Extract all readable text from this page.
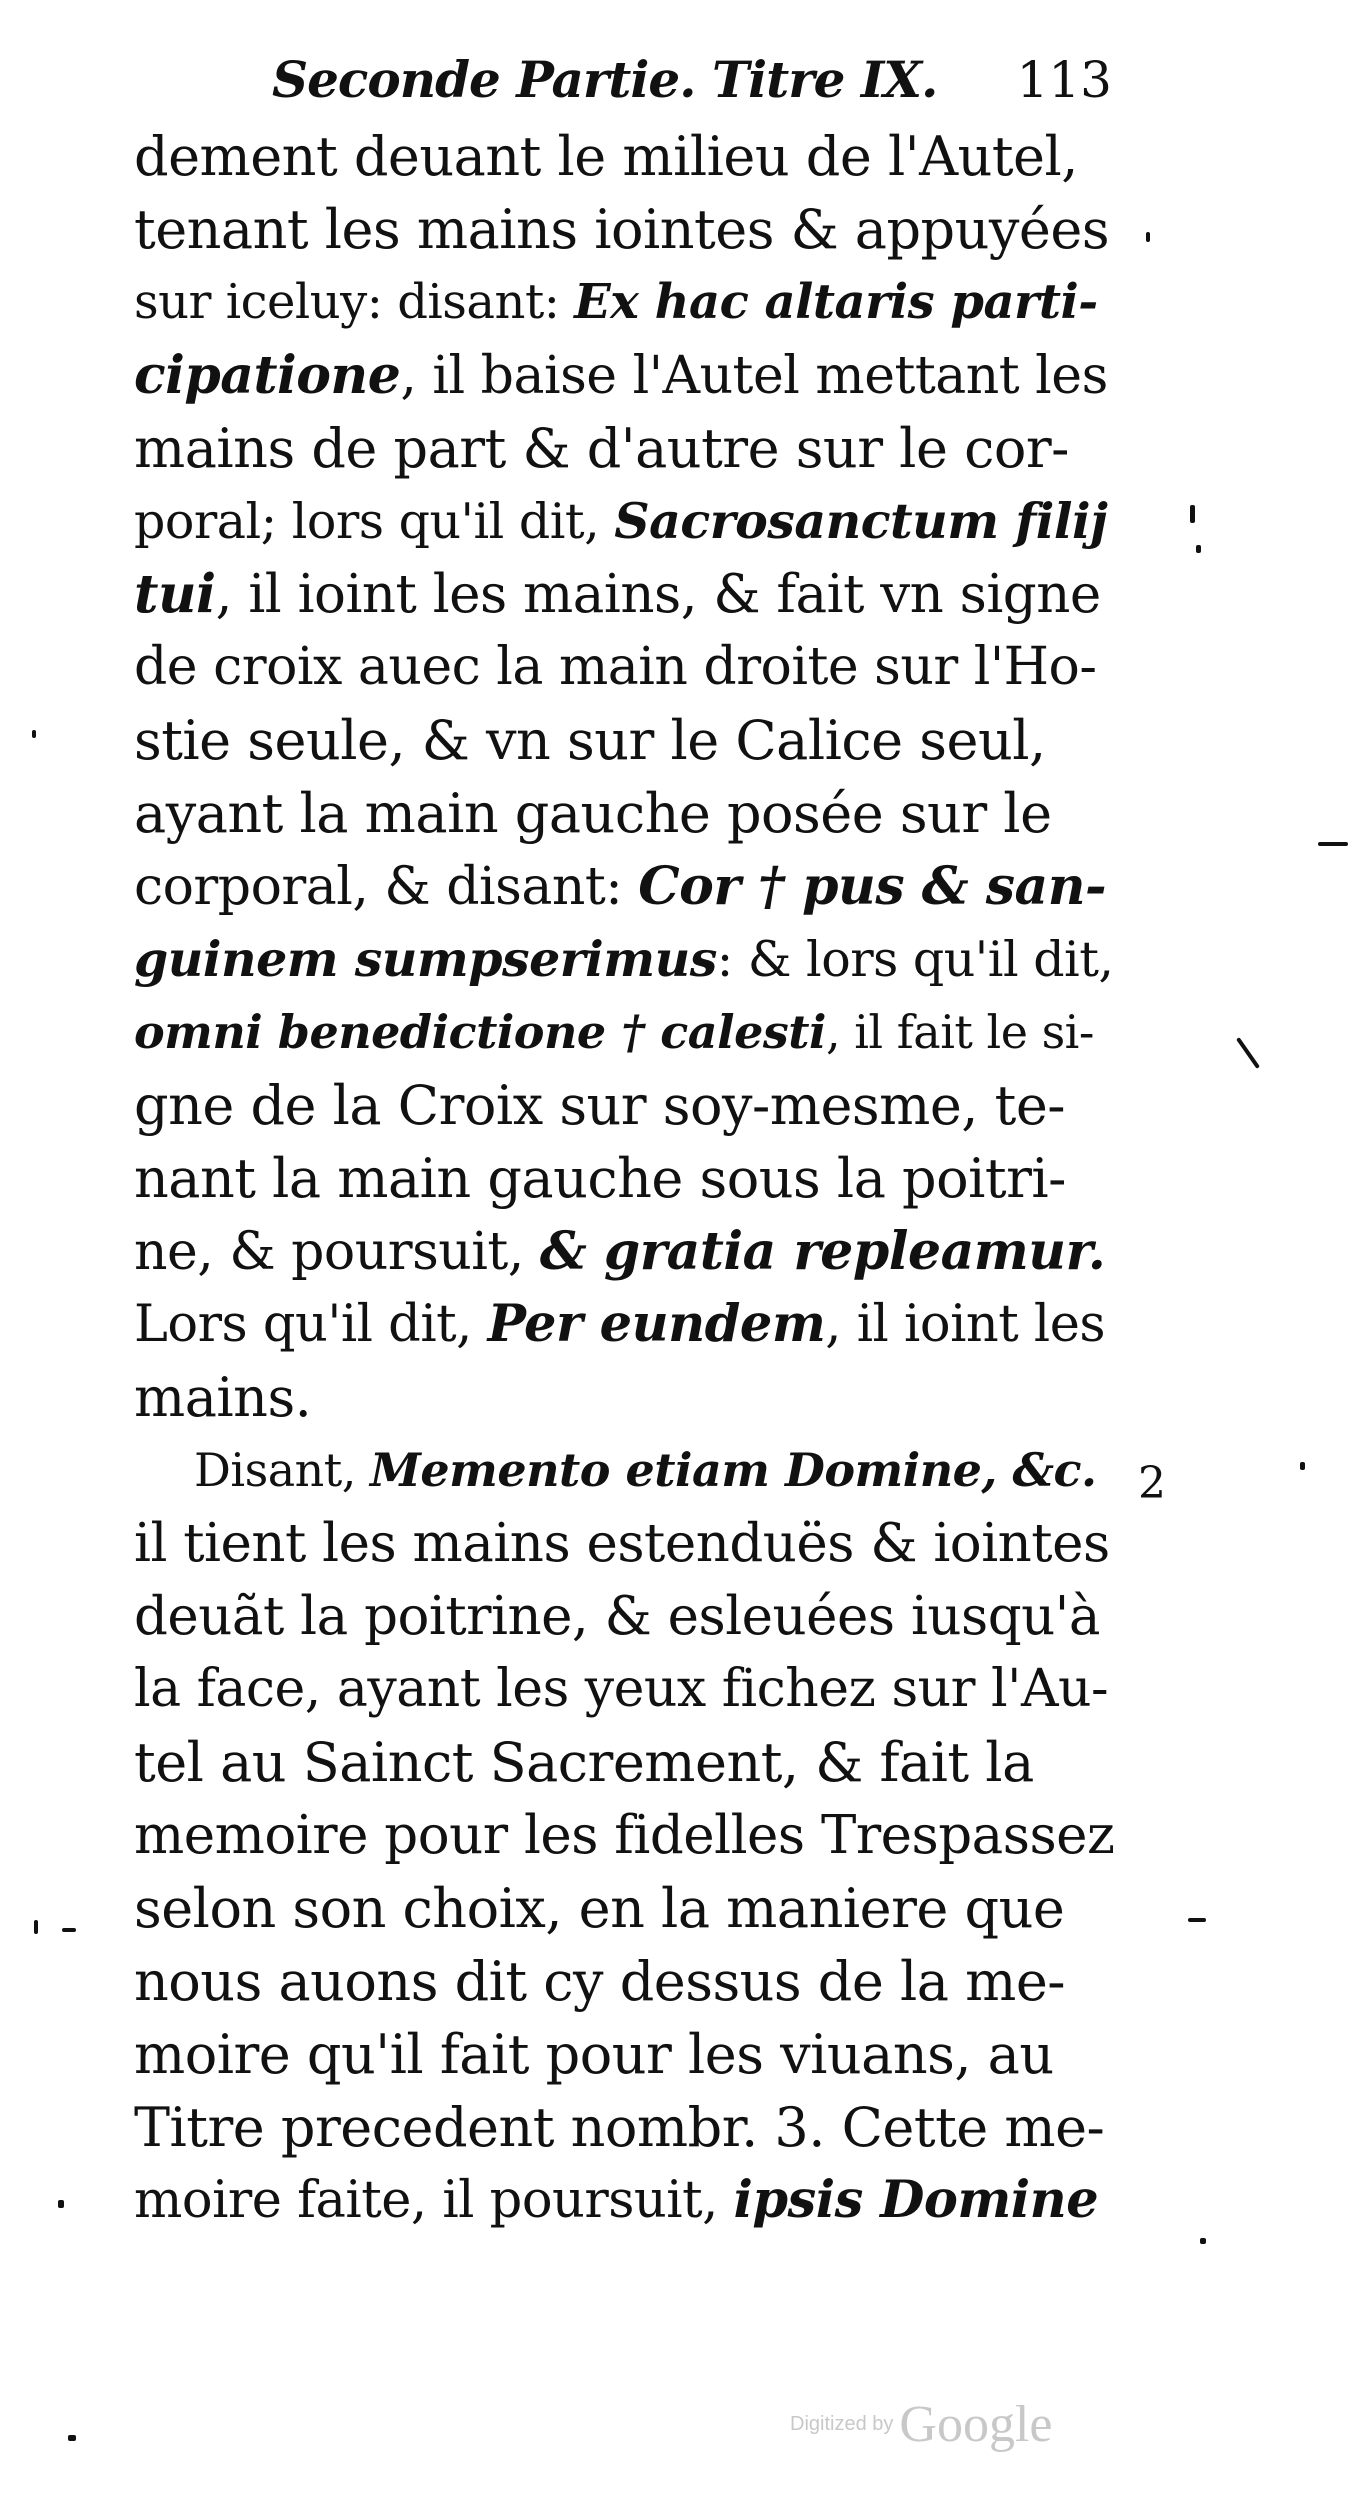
Seconde Partie. Titre IX. 113
dement deuant le milieu de l'Autel,
tenant les mains iointes & appuyées
sur iceluy: disant: Ex hac altaris parti-
cipatione, il baise l'Autel mettant les
mains de part & d'autre sur le cor-
poral; lors qu'il dit, Sacrosanctum filij
tui, il ioint les mains, & fait vn signe
de croix auec la main droite sur l'Ho-
stie seule, & vn sur le Calice seul,
ayant la main gauche posée sur le
corporal, & disant: Cor † pus & san-
guinem sumpserimus: & lors qu'il dit,
omni benedictione † calesti, il fait le si-
gne de la Croix sur soy-mesme, te-
nant la main gauche sous la poitri-
ne, & poursuit, & gratia repleamur.
Lors qu'il dit, Per eundem, il ioint les
mains.
Disant, Memento etiam Domine, &c.
il tient les mains estenduës & iointes
deuãt la poitrine, & esleuées iusqu'à
la face, ayant les yeux fichez sur l'Au-
tel au Sainct Sacrement, & fait la
memoire pour les fidelles Trespassez
selon son choix, en la maniere que
nous auons dit cy dessus de la me-
moire qu'il fait pour les viuans, au
Titre precedent nombr. 3. Cette me-
moire faite, il poursuit, ipsis Domine
2
Digitized by Google
